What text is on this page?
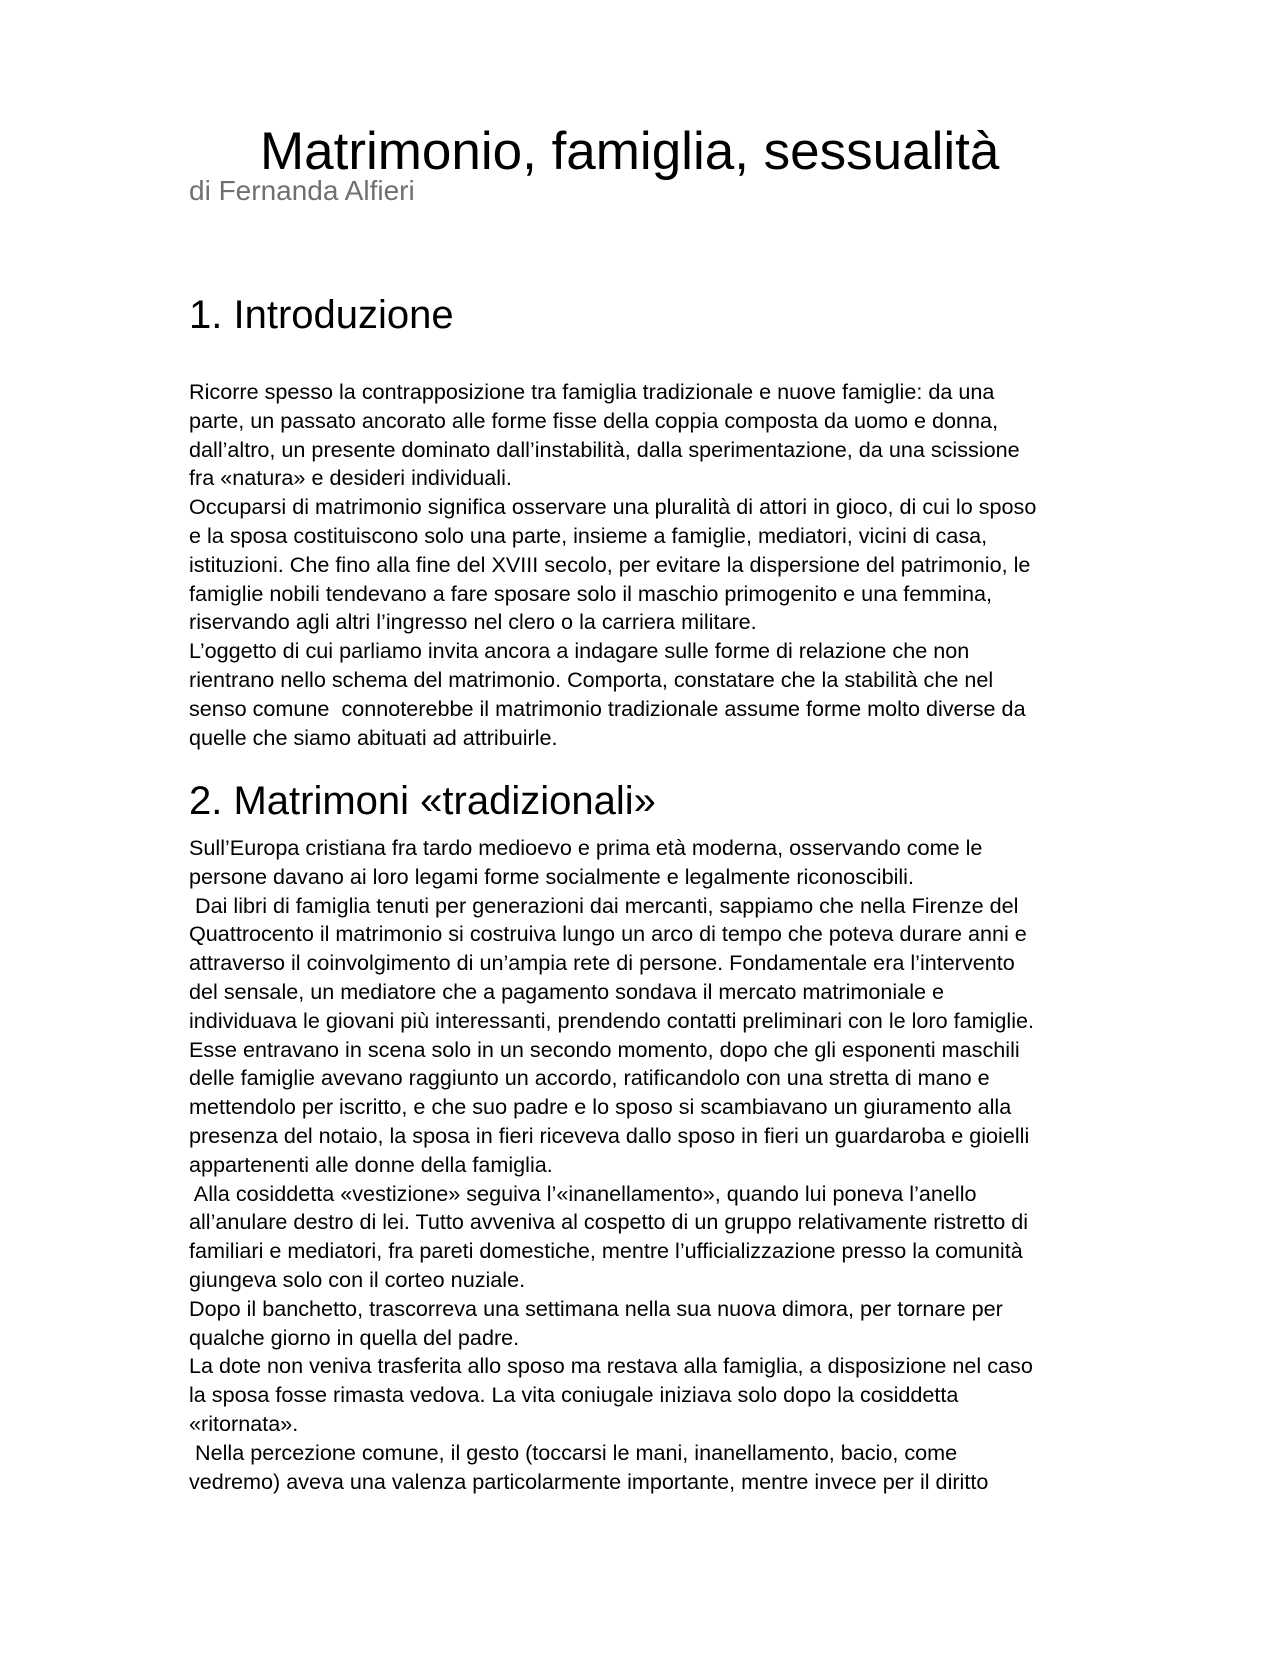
Matrimonio, famiglia, sessualità
di Fernanda Alfieri
1. Introduzione
Ricorre spesso la contrapposizione tra famiglia tradizionale e nuove famiglie: da una
parte, un passato ancorato alle forme fisse della coppia composta da uomo e donna,
dall’altro, un presente dominato dall’instabilità, dalla sperimentazione, da una scissione
fra «natura» e desideri individuali.
Occuparsi di matrimonio significa osservare una pluralità di attori in gioco, di cui lo sposo
e la sposa costituiscono solo una parte, insieme a famiglie, mediatori, vicini di casa,
istituzioni. Che fino alla fine del XVIII secolo, per evitare la dispersione del patrimonio, le
famiglie nobili tendevano a fare sposare solo il maschio primogenito e una femmina,
riservando agli altri l’ingresso nel clero o la carriera militare.
L’oggetto di cui parliamo invita ancora a indagare sulle forme di relazione che non
rientrano nello schema del matrimonio. Comporta, constatare che la stabilità che nel
senso comune  connoterebbe il matrimonio tradizionale assume forme molto diverse da
quelle che siamo abituati ad attribuirle.
2. Matrimoni «tradizionali»
Sull’Europa cristiana fra tardo medioevo e prima età moderna, osservando come le
persone davano ai loro legami forme socialmente e legalmente riconoscibili.
Dai libri di famiglia tenuti per generazioni dai mercanti, sappiamo che nella Firenze del
Quattrocento il matrimonio si costruiva lungo un arco di tempo che poteva durare anni e
attraverso il coinvolgimento di un’ampia rete di persone. Fondamentale era l’intervento
del sensale, un mediatore che a pagamento sondava il mercato matrimoniale e
individuava le giovani più interessanti, prendendo contatti preliminari con le loro famiglie.
Esse entravano in scena solo in un secondo momento, dopo che gli esponenti maschili
delle famiglie avevano raggiunto un accordo, ratificandolo con una stretta di mano e
mettendolo per iscritto, e che suo padre e lo sposo si scambiavano un giuramento alla
presenza del notaio, la sposa in fieri riceveva dallo sposo in fieri un guardaroba e gioielli
appartenenti alle donne della famiglia.
Alla cosiddetta «vestizione» seguiva l’«inanellamento», quando lui poneva l’anello
all’anulare destro di lei. Tutto avveniva al cospetto di un gruppo relativamente ristretto di
familiari e mediatori, fra pareti domestiche, mentre l’ufficializzazione presso la comunità
giungeva solo con il corteo nuziale.
Dopo il banchetto, trascorreva una settimana nella sua nuova dimora, per tornare per
qualche giorno in quella del padre.
La dote non veniva trasferita allo sposo ma restava alla famiglia, a disposizione nel caso
la sposa fosse rimasta vedova. La vita coniugale iniziava solo dopo la cosiddetta
«ritornata».
Nella percezione comune, il gesto (toccarsi le mani, inanellamento, bacio, come
vedremo) aveva una valenza particolarmente importante, mentre invece per il diritto
